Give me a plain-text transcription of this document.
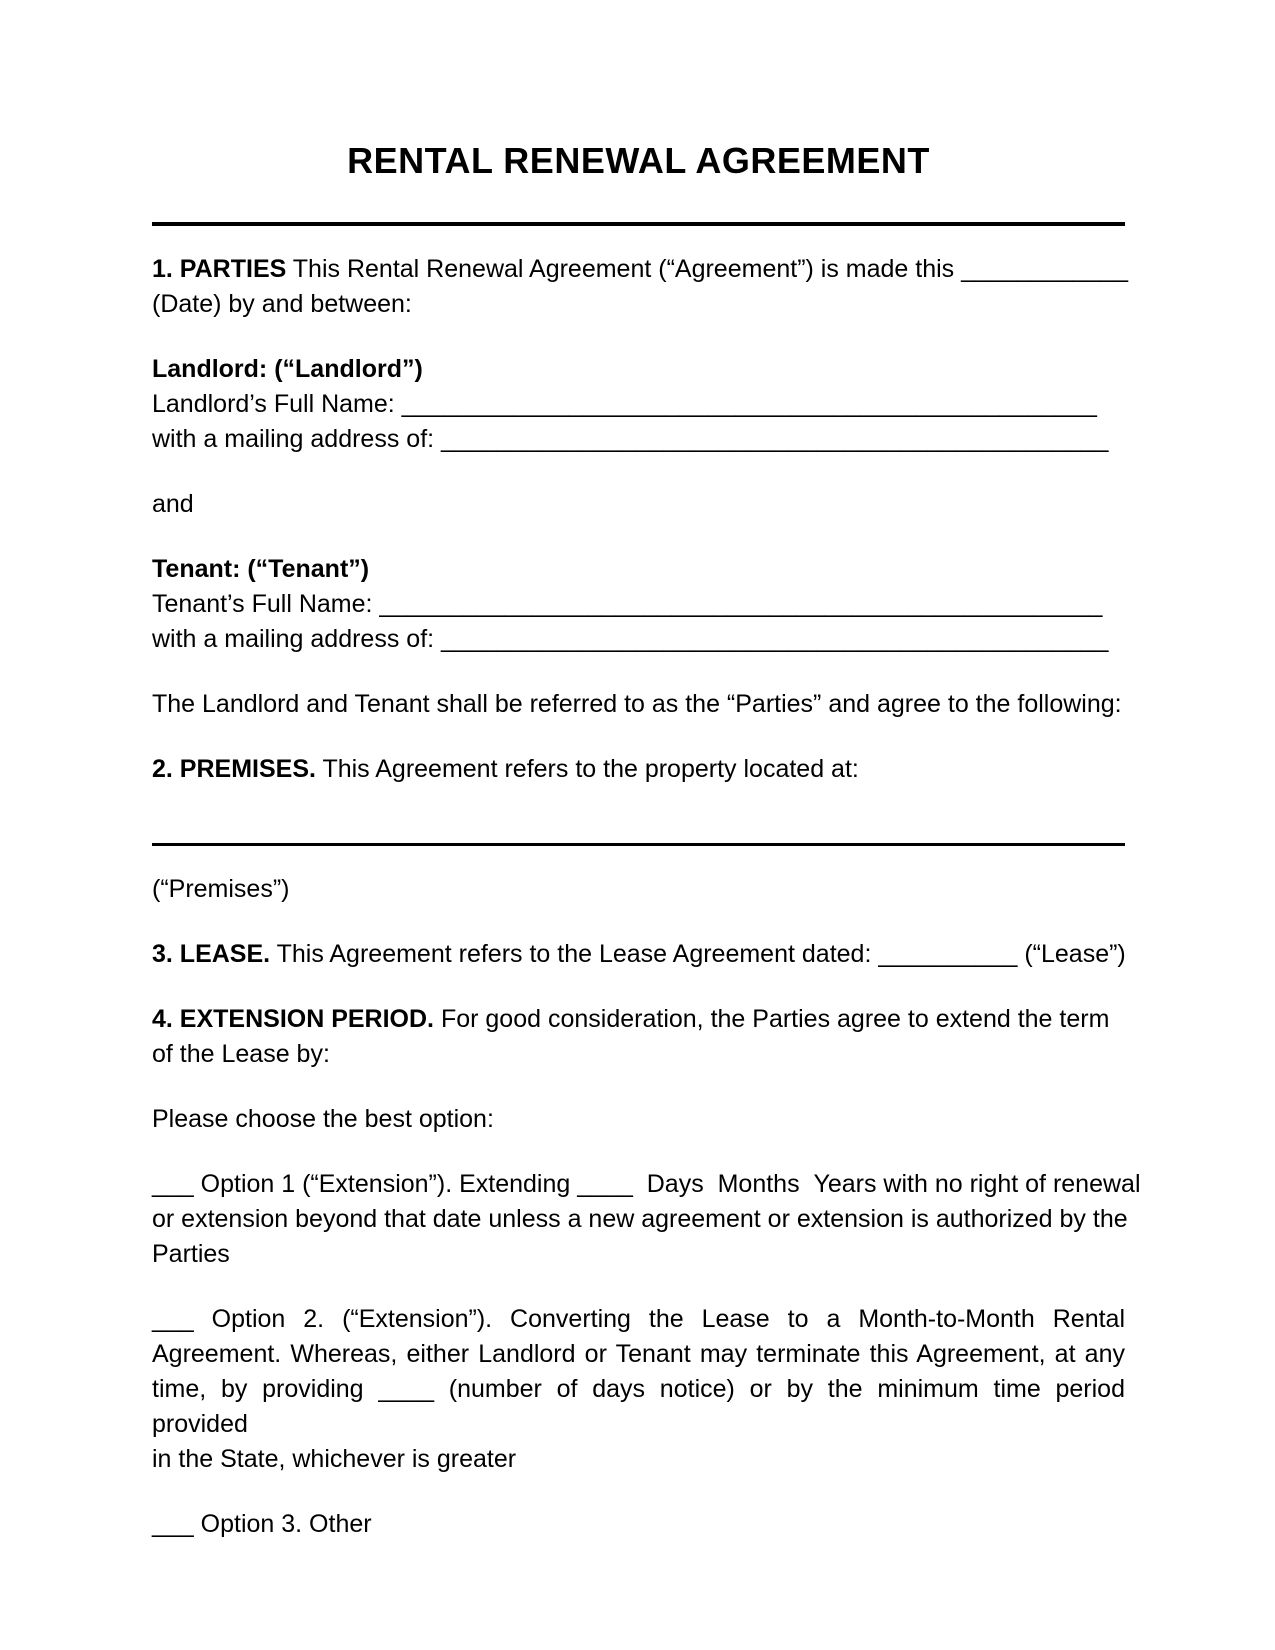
RENTAL RENEWAL AGREEMENT
1. PARTIES This Rental Renewal Agreement (“Agreement”) is made this ____________
(Date) by and between:
Landlord: (“Landlord”)
Landlord’s Full Name: __________________________________________________
with a mailing address of: ________________________________________________
and
Tenant: (“Tenant”)
Tenant’s Full Name: ____________________________________________________
with a mailing address of: ________________________________________________
The Landlord and Tenant shall be referred to as the “Parties” and agree to the following:
2. PREMISES. This Agreement refers to the property located at:
(“Premises”)
3. LEASE. This Agreement refers to the Lease Agreement dated: __________ (“Lease”)
4. EXTENSION PERIOD. For good consideration, the Parties agree to extend the term
of the Lease by:
Please choose the best option:
___ Option 1 (“Extension”). Extending ____  Days  Months  Years with no right of renewal
or extension beyond that date unless a new agreement or extension is authorized by the
Parties
___ Option 2. (“Extension”). Converting the Lease to a Month-to-Month Rental
Agreement. Whereas, either Landlord or Tenant may terminate this Agreement, at any
time, by providing ____ (number of days notice) or by the minimum time period provided
in the State, whichever is greater
___ Option 3. Other
